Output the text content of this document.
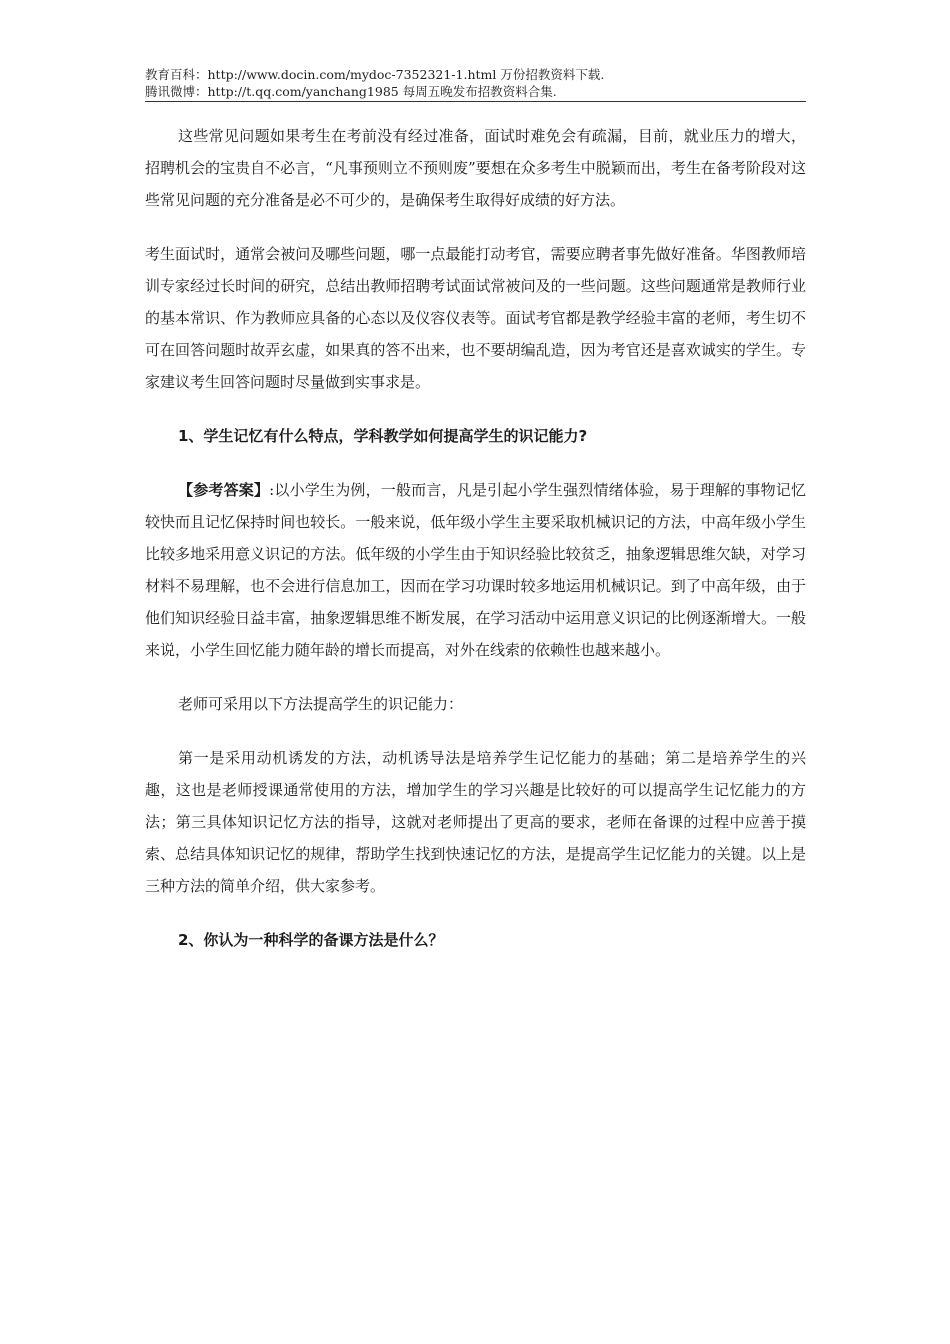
教育百科：http://www.docin.com/mydoc-7352321-1.html 万份招教资料下载.
腾讯微博：http://t.qq.com/yanchang1985 每周五晚发布招教资料合集.

这些常见问题如果考生在考前没有经过准备，面试时难免会有疏漏，目前，就业压力的增大，招聘机会的宝贵自不必言，“凡事预则立不预则废”要想在众多考生中脱颖而出，考生在备考阶段对这些常见问题的充分准备是必不可少的，是确保考生取得好成绩的好方法。

考生面试时，通常会被问及哪些问题，哪一点最能打动考官，需要应聘者事先做好准备。华图教师培训专家经过长时间的研究，总结出教师招聘考试面试常被问及的一些问题。这些问题通常是教师行业的基本常识、作为教师应具备的心态以及仪容仪表等。面试考官都是教学经验丰富的老师，考生切不可在回答问题时故弄玄虚，如果真的答不出来，也不要胡编乱造，因为考官还是喜欢诚实的学生。专家建议考生回答问题时尽量做到实事求是。

1、学生记忆有什么特点，学科教学如何提高学生的识记能力?

【参考答案】:以小学生为例，一般而言，凡是引起小学生强烈情绪体验，易于理解的事物记忆较快而且记忆保持时间也较长。一般来说，低年级小学生主要采取机械识记的方法，中高年级小学生比较多地采用意义识记的方法。低年级的小学生由于知识经验比较贫乏，抽象逻辑思维欠缺，对学习材料不易理解，也不会进行信息加工，因而在学习功课时较多地运用机械识记。到了中高年级，由于他们知识经验日益丰富，抽象逻辑思维不断发展，在学习活动中运用意义识记的比例逐渐增大。一般来说，小学生回忆能力随年龄的增长而提高，对外在线索的依赖性也越来越小。

老师可采用以下方法提高学生的识记能力：

第一是采用动机诱发的方法，动机诱导法是培养学生记忆能力的基础；第二是培养学生的兴趣，这也是老师授课通常使用的方法，增加学生的学习兴趣是比较好的可以提高学生记忆能力的方法；第三具体知识记忆方法的指导，这就对老师提出了更高的要求，老师在备课的过程中应善于摸索、总结具体知识记忆的规律，帮助学生找到快速记忆的方法，是提高学生记忆能力的关键。以上是三种方法的简单介绍，供大家参考。

2、你认为一种科学的备课方法是什么？
